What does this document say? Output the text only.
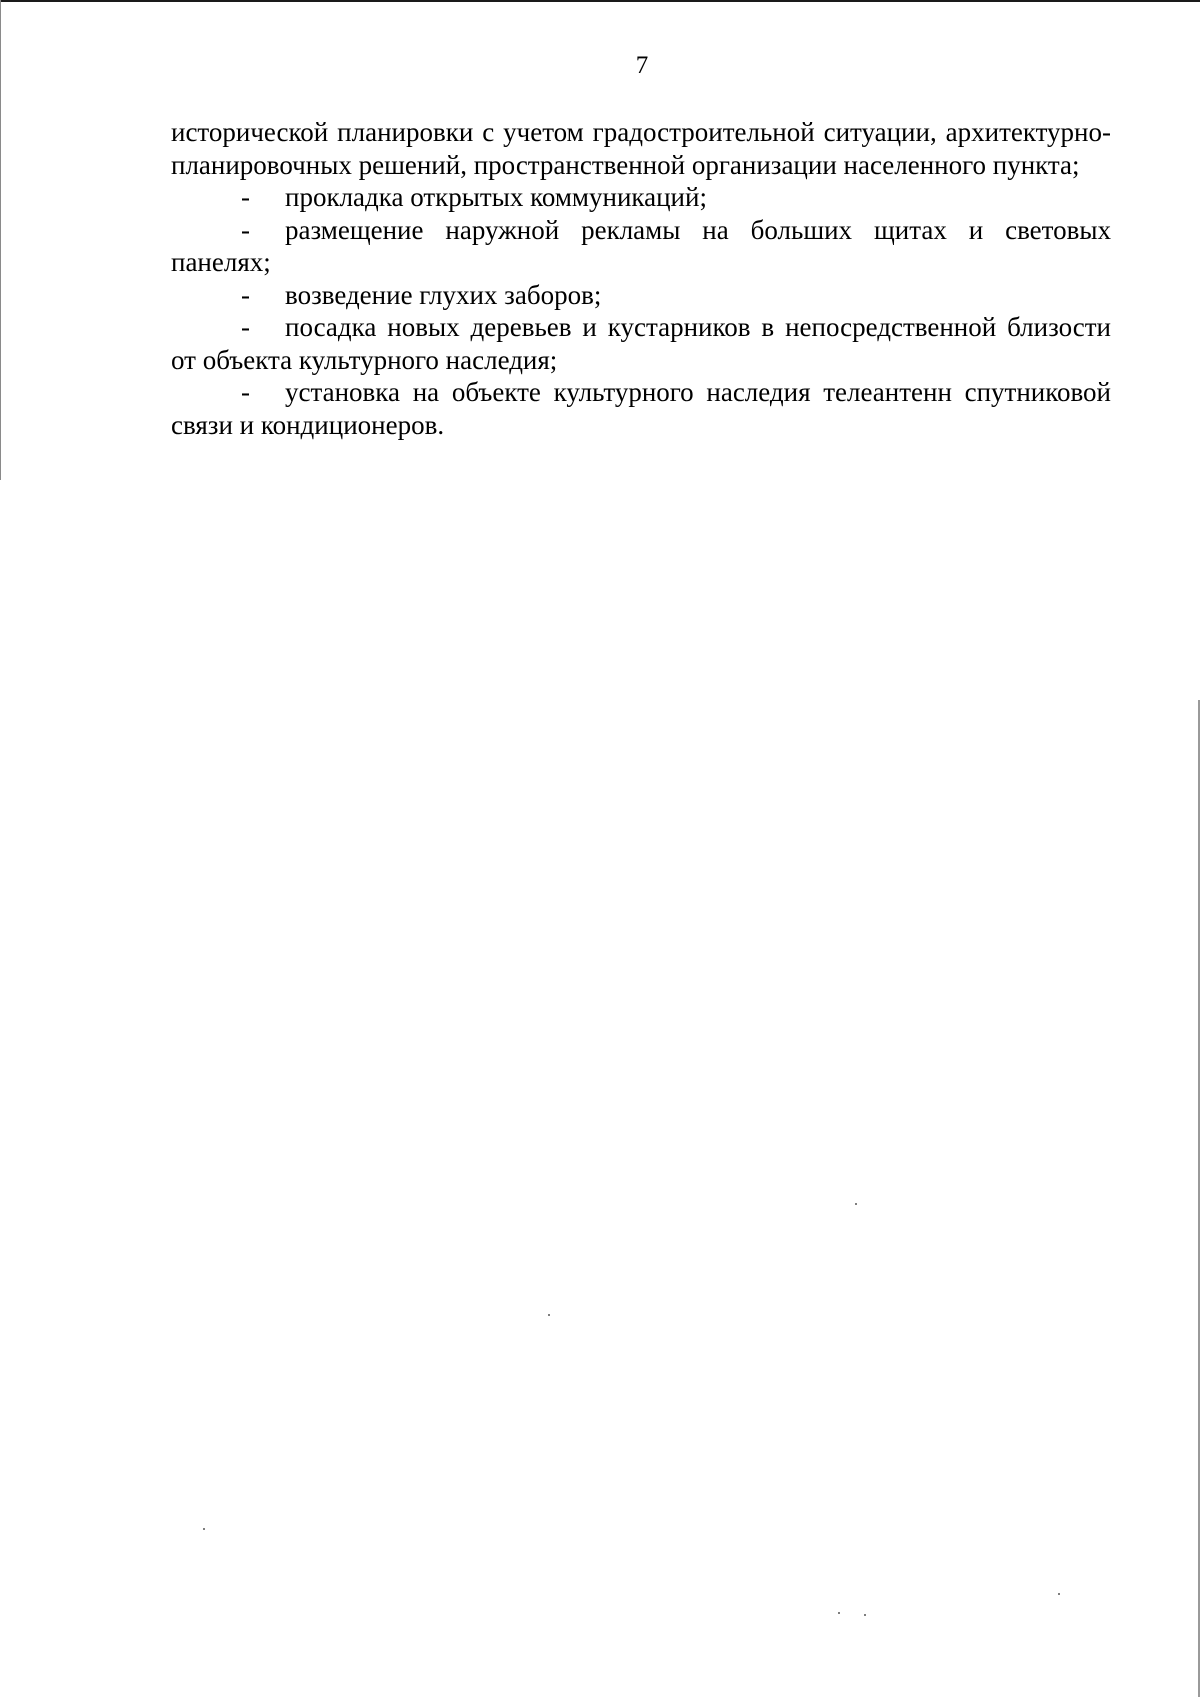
7

исторической планировки с учетом градостроительной ситуации, архитектурно-планировочных решений, пространственной организации населенного пункта;

- прокладка открытых коммуникаций;

- размещение наружной рекламы на больших щитах и световых панелях;

- возведение глухих заборов;

- посадка новых деревьев и кустарников в непосредственной близости от объекта культурного наследия;

- установка на объекте культурного наследия телеантенн спутниковой связи и кондиционеров.
